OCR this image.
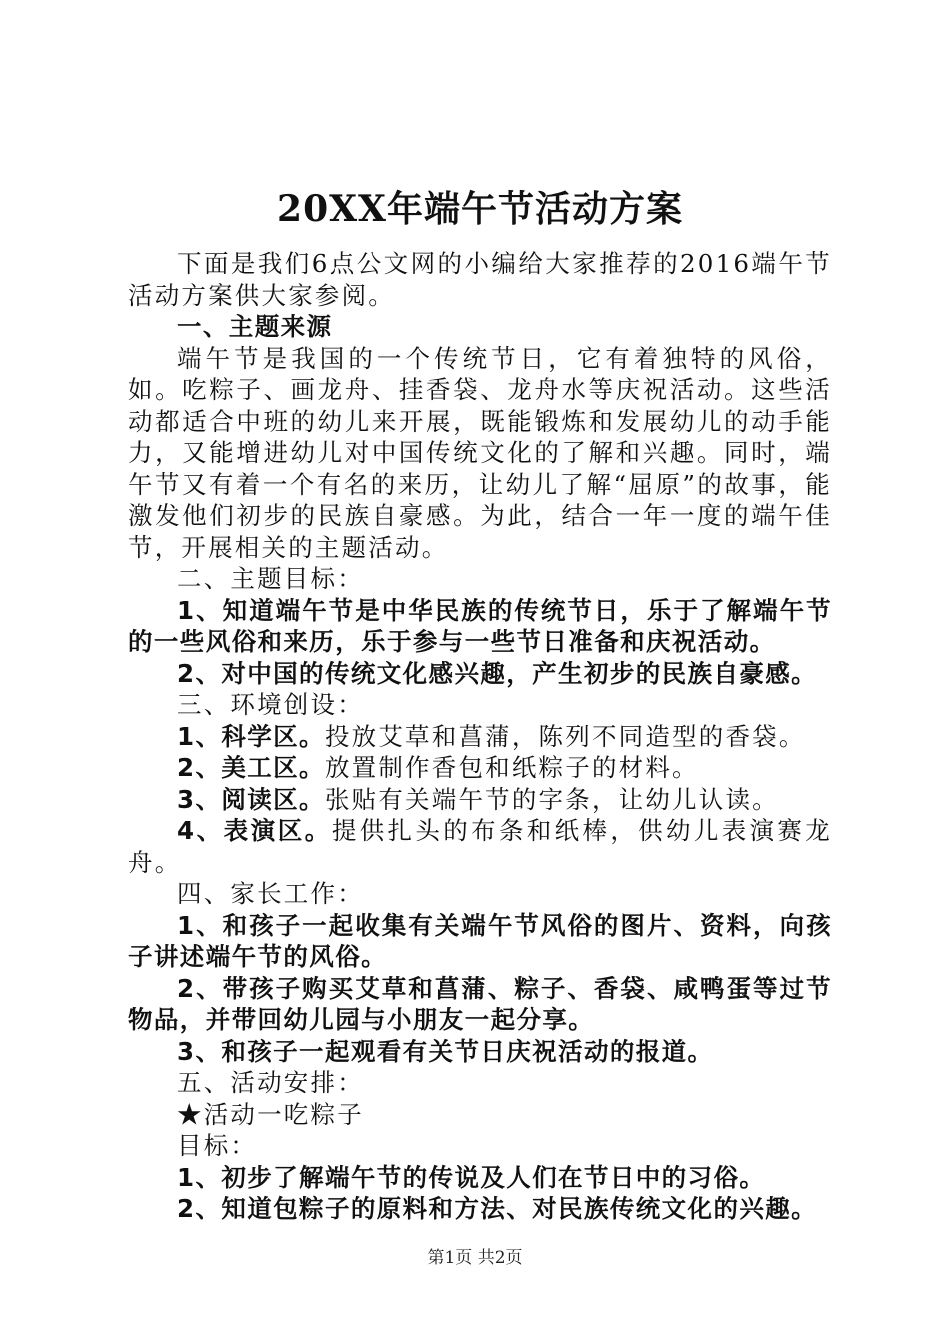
20XX年端午节活动方案

下面是我们6点公文网的小编给大家推荐的2016端午节活动方案供大家参阅。

一、主题来源

端午节是我国的一个传统节日，它有着独特的风俗，如。吃粽子、画龙舟、挂香袋、龙舟水等庆祝活动。这些活动都适合中班的幼儿来开展，既能锻炼和发展幼儿的动手能力，又能增进幼儿对中国传统文化的了解和兴趣。同时，端午节又有着一个有名的来历，让幼儿了解“屈原”的故事，能激发他们初步的民族自豪感。为此，结合一年一度的端午佳节，开展相关的主题活动。

二、主题目标：

1、知道端午节是中华民族的传统节日，乐于了解端午节的一些风俗和来历，乐于参与一些节日准备和庆祝活动。

2、对中国的传统文化感兴趣，产生初步的民族自豪感。

三、环境创设：

1、科学区。投放艾草和菖蒲，陈列不同造型的香袋。

2、美工区。放置制作香包和纸粽子的材料。

3、阅读区。张贴有关端午节的字条，让幼儿认读。

4、表演区。提供扎头的布条和纸棒，供幼儿表演赛龙舟。

四、家长工作：

1、和孩子一起收集有关端午节风俗的图片、资料，向孩子讲述端午节的风俗。

2、带孩子购买艾草和菖蒲、粽子、香袋、咸鸭蛋等过节物品，并带回幼儿园与小朋友一起分享。

3、和孩子一起观看有关节日庆祝活动的报道。

五、活动安排：

★活动一吃粽子

目标：

1、初步了解端午节的传说及人们在节日中的习俗。

2、知道包粽子的原料和方法、对民族传统文化的兴趣。

第1页 共2页
